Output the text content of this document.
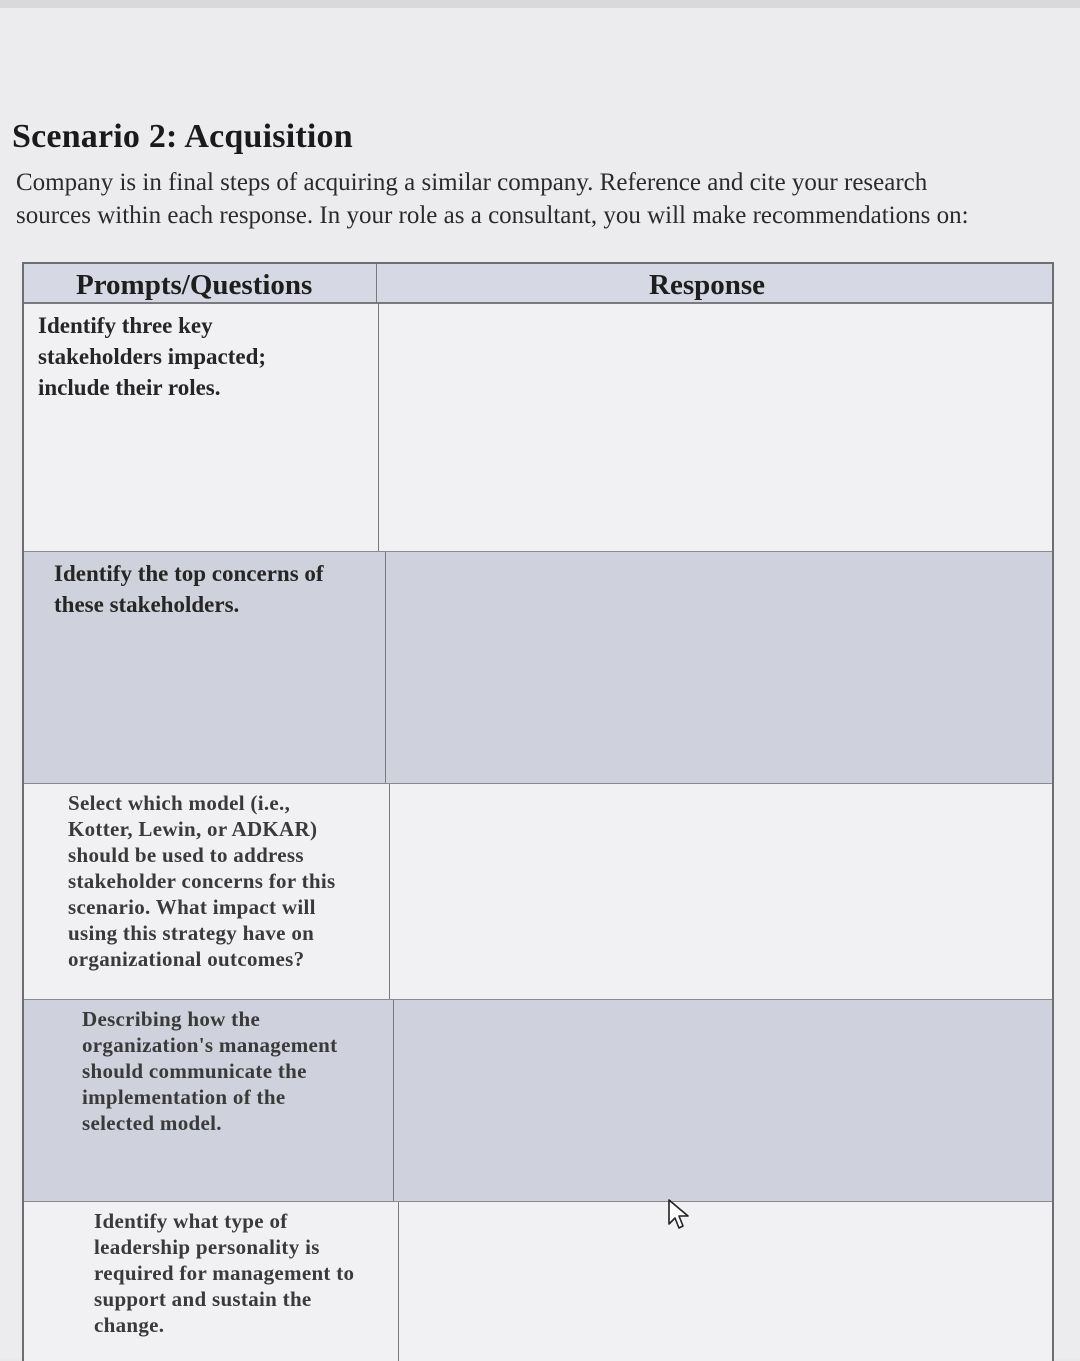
Scenario 2: Acquisition

Company is in final steps of acquiring a similar company. Reference and cite your research
sources within each response. In your role as a consultant, you will make recommendations on:

Prompts/Questions	Response

Identify three key
stakeholders impacted;
include their roles.

Identify the top concerns of
these stakeholders.

Select which model (i.e.,
Kotter, Lewin, or ADKAR)
should be used to address
stakeholder concerns for this
scenario. What impact will
using this strategy have on
organizational outcomes?

Describing how the
organization's management
should communicate the
implementation of the
selected model.

Identify what type of
leadership personality is
required for management to
support and sustain the
change.
